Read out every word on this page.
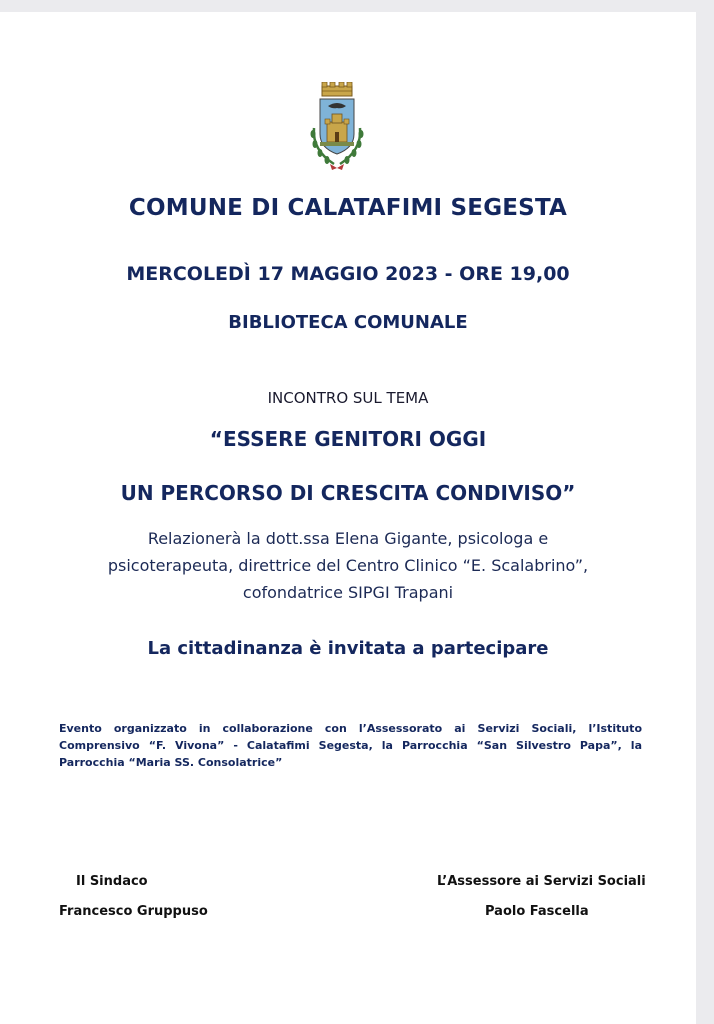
COMUNE DI CALATAFIMI SEGESTA
MERCOLEDÌ 17 MAGGIO 2023 - ORE 19,00
BIBLIOTECA COMUNALE
INCONTRO SUL TEMA
“ESSERE GENITORI OGGI
UN PERCORSO DI CRESCITA CONDIVISO”
Relazionerà la dott.ssa Elena Gigante, psicologa e
psicoterapeuta, direttrice del Centro Clinico “E. Scalabrino”,
cofondatrice SIPGI Trapani
La cittadinanza è invitata a partecipare
Evento organizzato in collaborazione con l’Assessorato ai Servizi Sociali, l’Istituto Comprensivo “F. Vivona” - Calatafimi Segesta, la Parrocchia “San Silvestro Papa”, la Parrocchia “Maria SS. Consolatrice”
Il Sindaco
Francesco Gruppuso
L’Assessore ai Servizi Sociali
Paolo Fascella
